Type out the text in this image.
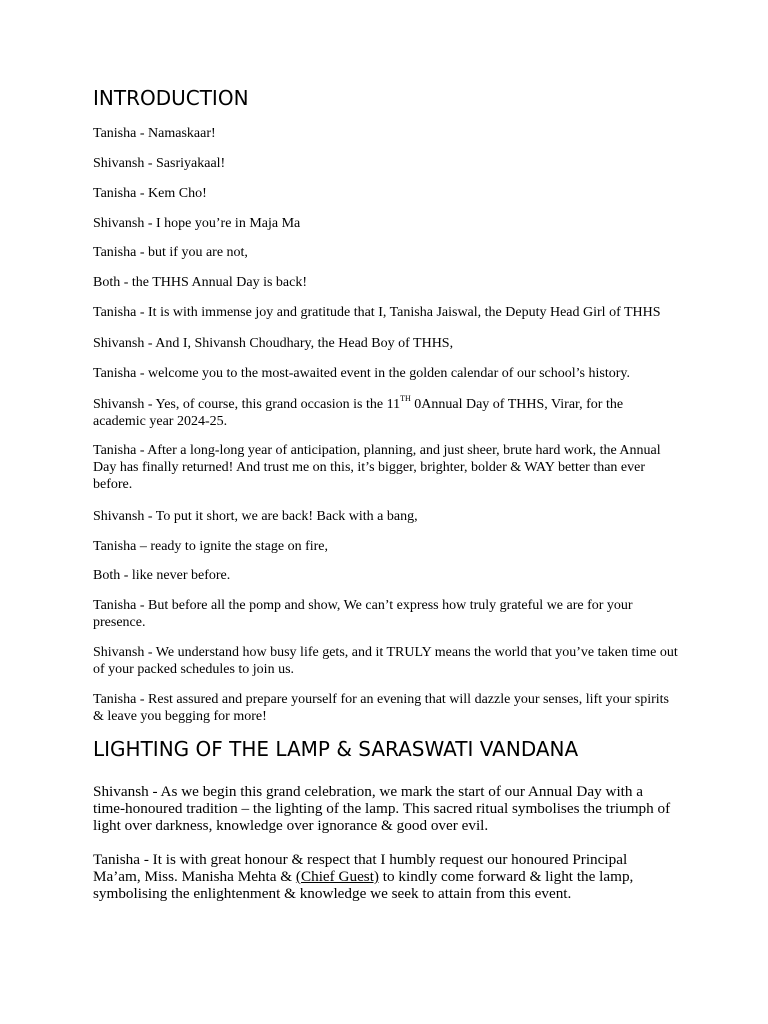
INTRODUCTION

Tanisha - Namaskaar!

Shivansh - Sasriyakaal!

Tanisha - Kem Cho!

Shivansh - I hope you’re in Maja Ma

Tanisha - but if you are not,

Both - the THHS Annual Day is back!

Tanisha - It is with immense joy and gratitude that I, Tanisha Jaiswal, the Deputy Head Girl of THHS

Shivansh - And I, Shivansh Choudhary, the Head Boy of THHS,

Tanisha - welcome you to the most-awaited event in the golden calendar of our school’s history.

Shivansh - Yes, of course, this grand occasion is the 11TH 0Annual Day of THHS, Virar, for the academic year 2024-25.

Tanisha - After a long-long year of anticipation, planning, and just sheer, brute hard work, the Annual Day has finally returned! And trust me on this, it’s bigger, brighter, bolder & WAY better than ever before.

Shivansh - To put it short, we are back! Back with a bang,

Tanisha – ready to ignite the stage on fire,

Both - like never before.

Tanisha - But before all the pomp and show, We can’t express how truly grateful we are for your presence.

Shivansh - We understand how busy life gets, and it TRULY means the world that you’ve taken time out of your packed schedules to join us.

Tanisha - Rest assured and prepare yourself for an evening that will dazzle your senses, lift your spirits & leave you begging for more!

LIGHTING OF THE LAMP & SARASWATI VANDANA

Shivansh - As we begin this grand celebration, we mark the start of our Annual Day with a time-honoured tradition – the lighting of the lamp. This sacred ritual symbolises the triumph of light over darkness, knowledge over ignorance & good over evil.

Tanisha - It is with great honour & respect that I humbly request our honoured Principal Ma’am, Miss. Manisha Mehta & (Chief Guest) to kindly come forward & light the lamp, symbolising the enlightenment & knowledge we seek to attain from this event.
